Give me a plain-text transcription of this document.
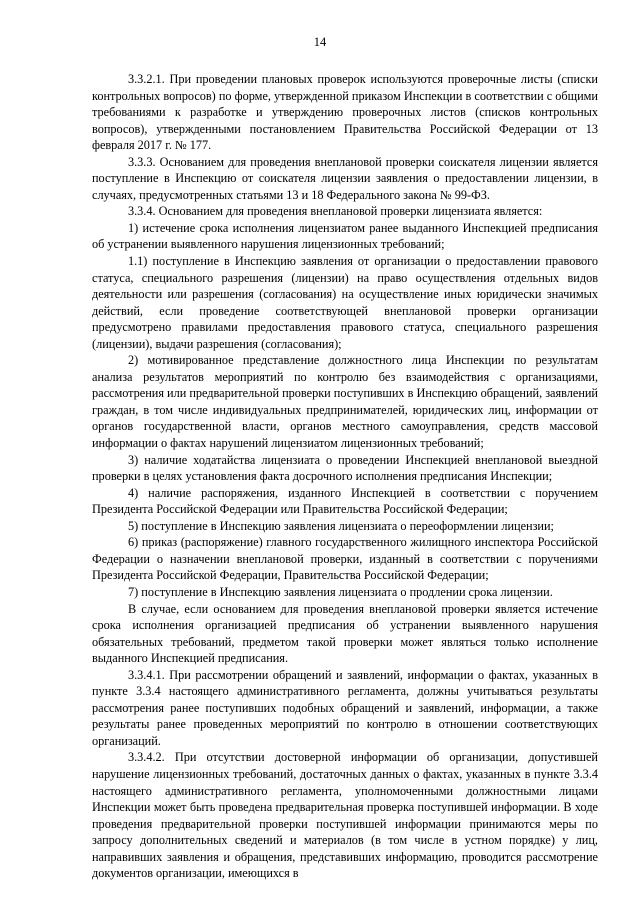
14

3.3.2.1. При проведении плановых проверок используются проверочные листы (списки контрольных вопросов) по форме, утвержденной приказом Инспекции в соответствии с общими требованиями к разработке и утверждению проверочных листов (списков контрольных вопросов), утвержденными постановлением Правительства Российской Федерации от 13 февраля 2017 г. № 177.

3.3.3. Основанием для проведения внеплановой проверки соискателя лицензии является поступление в Инспекцию от соискателя лицензии заявления о предоставлении лицензии, в случаях, предусмотренных статьями 13 и 18 Федерального закона № 99-ФЗ.

3.3.4. Основанием для проведения внеплановой проверки лицензиата является:

1) истечение срока исполнения лицензиатом ранее выданного Инспекцией предписания об устранении выявленного нарушения лицензионных требований;

1.1) поступление в Инспекцию заявления от организации о предоставлении правового статуса, специального разрешения (лицензии) на право осуществления отдельных видов деятельности или разрешения (согласования) на осуществление иных юридически значимых действий, если проведение соответствующей внеплановой проверки организации предусмотрено правилами предоставления правового статуса, специального разрешения (лицензии), выдачи разрешения (согласования);

2) мотивированное представление должностного лица Инспекции по результатам анализа результатов мероприятий по контролю без взаимодействия с организациями, рассмотрения или предварительной проверки поступивших в Инспекцию обращений, заявлений граждан, в том числе индивидуальных предпринимателей, юридических лиц, информации от органов государственной власти, органов местного самоуправления, средств массовой информации о фактах нарушений лицензиатом лицензионных требований;

3) наличие ходатайства лицензиата о проведении Инспекцией внеплановой выездной проверки в целях установления факта досрочного исполнения предписания Инспекции;

4) наличие распоряжения, изданного Инспекцией в соответствии с поручением Президента Российской Федерации или Правительства Российской Федерации;

5) поступление в Инспекцию заявления лицензиата о переоформлении лицензии;

6) приказ (распоряжение) главного государственного жилищного инспектора Российской Федерации о назначении внеплановой проверки, изданный в соответствии с поручениями Президента Российской Федерации, Правительства Российской Федерации;

7) поступление в Инспекцию заявления лицензиата о продлении срока лицензии.

В случае, если основанием для проведения внеплановой проверки является истечение срока исполнения организацией предписания об устранении выявленного нарушения обязательных требований, предметом такой проверки может являться только исполнение выданного Инспекцией предписания.

3.3.4.1. При рассмотрении обращений и заявлений, информации о фактах, указанных в пункте 3.3.4 настоящего административного регламента, должны учитываться результаты рассмотрения ранее поступивших подобных обращений и заявлений, информации, а также результаты ранее проведенных мероприятий по контролю в отношении соответствующих организаций.

3.3.4.2. При отсутствии достоверной информации об организации, допустившей нарушение лицензионных требований, достаточных данных о фактах, указанных в пункте 3.3.4 настоящего административного регламента, уполномоченными должностными лицами Инспекции может быть проведена предварительная проверка поступившей информации. В ходе проведения предварительной проверки поступившей информации принимаются меры по запросу дополнительных сведений и материалов (в том числе в устном порядке) у лиц, направивших заявления и обращения, представивших информацию, проводится рассмотрение документов организации, имеющихся в
